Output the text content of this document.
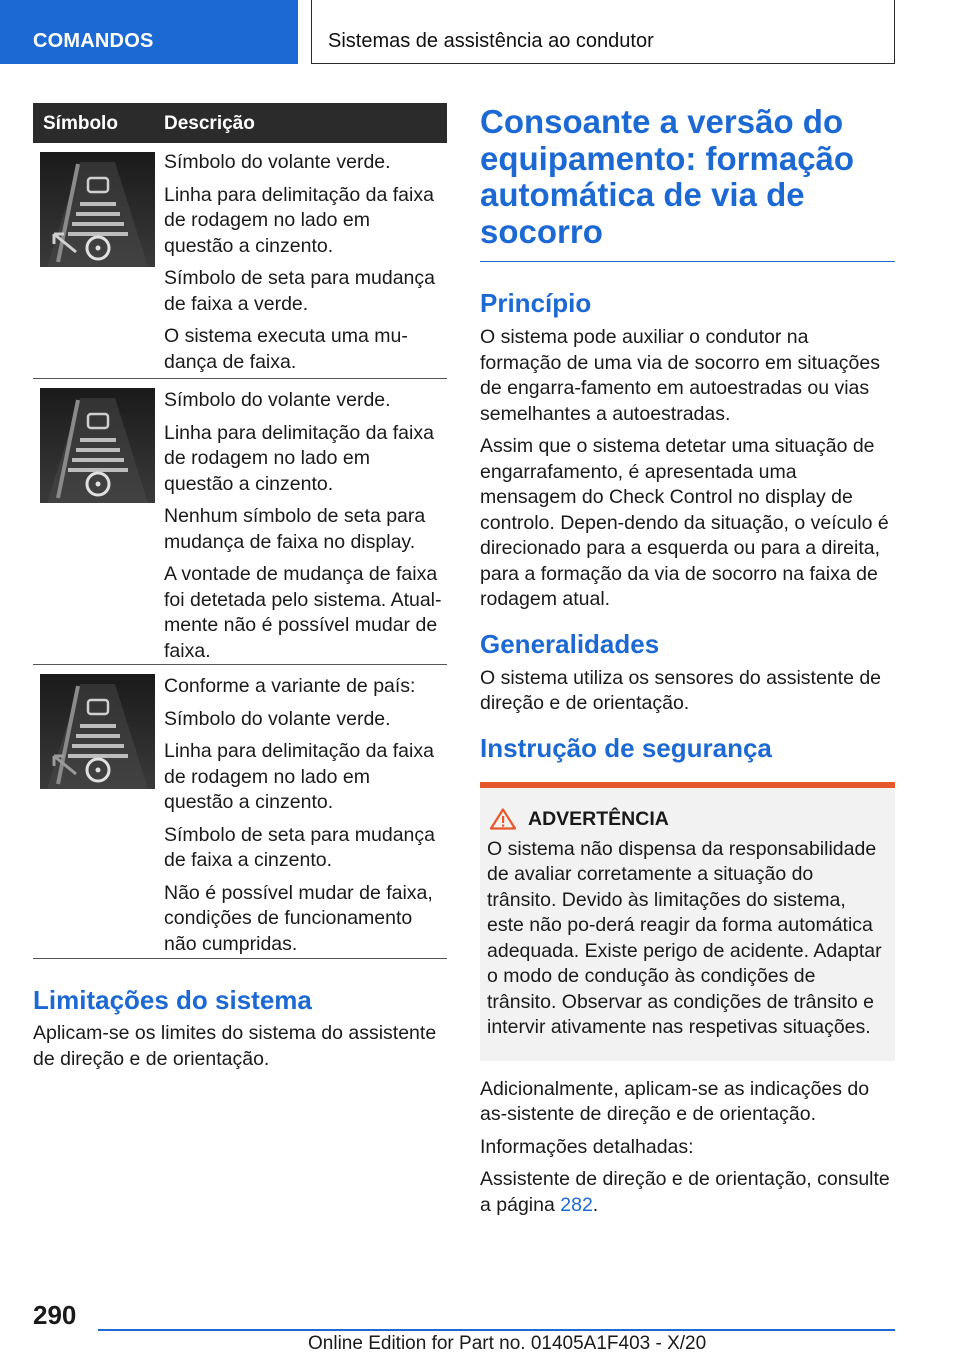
COMANDOS	Sistemas de assistência ao condutor
Símbolo Descrição

Símbolo do volante verde.

Linha para delimitação da faixa de rodagem no lado em questão a cinzento.

Símbolo de seta para mudança de faixa a verde.

O sistema executa uma mu-dança de faixa.

Símbolo do volante verde.

Linha para delimitação da faixa de rodagem no lado em questão a cinzento.

Nenhum símbolo de seta para mudança de faixa no display.

A vontade de mudança de faixa foi detetada pelo sistema. Atual-mente não é possível mudar de faixa.

Conforme a variante de país:

Símbolo do volante verde.

Linha para delimitação da faixa de rodagem no lado em questão a cinzento.

Símbolo de seta para mudança de faixa a cinzento.

Não é possível mudar de faixa, condições de funcionamento não cumpridas.

Limitações do sistema

Aplicam-se os limites do sistema do assistente de direção e de orientação.

Consoante a versão do equipamento: formação automática de via de socorro
Princípio

O sistema pode auxiliar o condutor na formação de uma via de socorro em situações de engarra-famento em autoestradas ou vias semelhantes a autoestradas.

Assim que o sistema detetar uma situação de engarrafamento, é apresentada uma mensagem do Check Control no display de controlo. Depen-dendo da situação, o veículo é direcionado para a esquerda ou para a direita, para a formação da via de socorro na faixa de rodagem atual.

Generalidades

O sistema utiliza os sensores do assistente de direção e de orientação.

Instrução de segurança
ADVERTÊNCIA

O sistema não dispensa da responsabilidade de avaliar corretamente a situação do trânsito. Devido às limitações do sistema, este não po-derá reagir da forma automática adequada. Existe perigo de acidente. Adaptar o modo de condução às condições de trânsito. Observar as condições de trânsito e intervir ativamente nas respetivas situações.

Adicionalmente, aplicam-se as indicações do as-sistente de direção e de orientação.

Informações detalhadas:

Assistente de direção e de orientação, consulte a página 282.

290
Online Edition for Part no. 01405A1F403 - X/20
